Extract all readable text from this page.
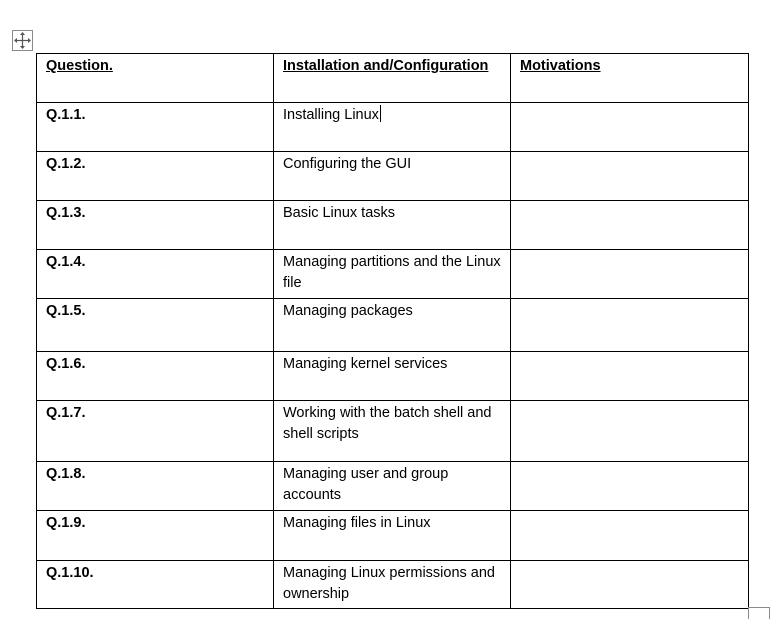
Question.	Installation and/Configuration	Motivations
Q.1.1.	Installing Linux	
Q.1.2.	Configuring the GUI	
Q.1.3.	Basic Linux tasks	
Q.1.4.	Managing partitions and the Linux file	
Q.1.5.	Managing packages	
Q.1.6.	Managing kernel services	
Q.1.7.	Working with the batch shell and shell scripts	
Q.1.8.	Managing user and group accounts	
Q.1.9.	Managing files in Linux	
Q.1.10.	Managing Linux permissions and ownership	
